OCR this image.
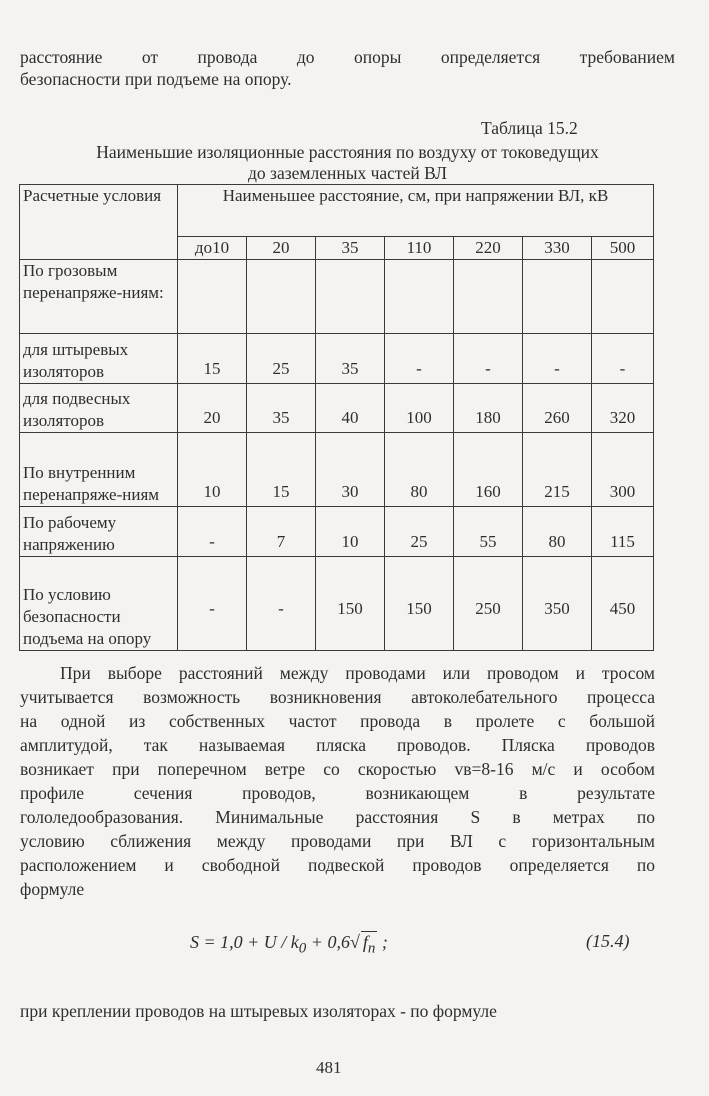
расстояние от провода до опоры определяется требованием
безопасности при подъеме на опору.
Таблица 15.2
Наименьшие изоляционные расстояния по воздуху от токоведущих
до заземленных частей ВЛ
Расчетные условия	Наименьшее расстояние, см, при напряжении ВЛ, кВ						
	до10	20	35	110	220	330	500
По грозовым перенапряже-ниям:							
для штыревых изоляторов	15	25	35	-	-	-	-
для подвесных изоляторов	20	35	40	100	180	260	320
По внутренним перенапряже-ниям	10	15	30	80	160	215	300
По рабочему напряжению	-	7	10	25	55	80	115
По условию безопасности подъема на опору	-	-	150	150	250	350	450
При выборе расстояний между проводами или проводом и тросом
учитывается возможность возникновения автоколебательного процесса
на одной из собственных частот провода в пролете с большой
амплитудой, так называемая пляска проводов. Пляска проводов
возникает при поперечном ветре со скоростью vв=8-16 м/с и особом
профиле сечения проводов, возникающем в результате
гололедообразования. Минимальные расстояния S в метрах по
условию сближения между проводами при ВЛ с горизонтальным
расположением и свободной подвеской проводов определяется по
формуле
$S = 1,0 + U / k_0 + 0,6√$ $f_п$ ;	(15.4)
при креплении проводов на штыревых изоляторах - по формуле
481
